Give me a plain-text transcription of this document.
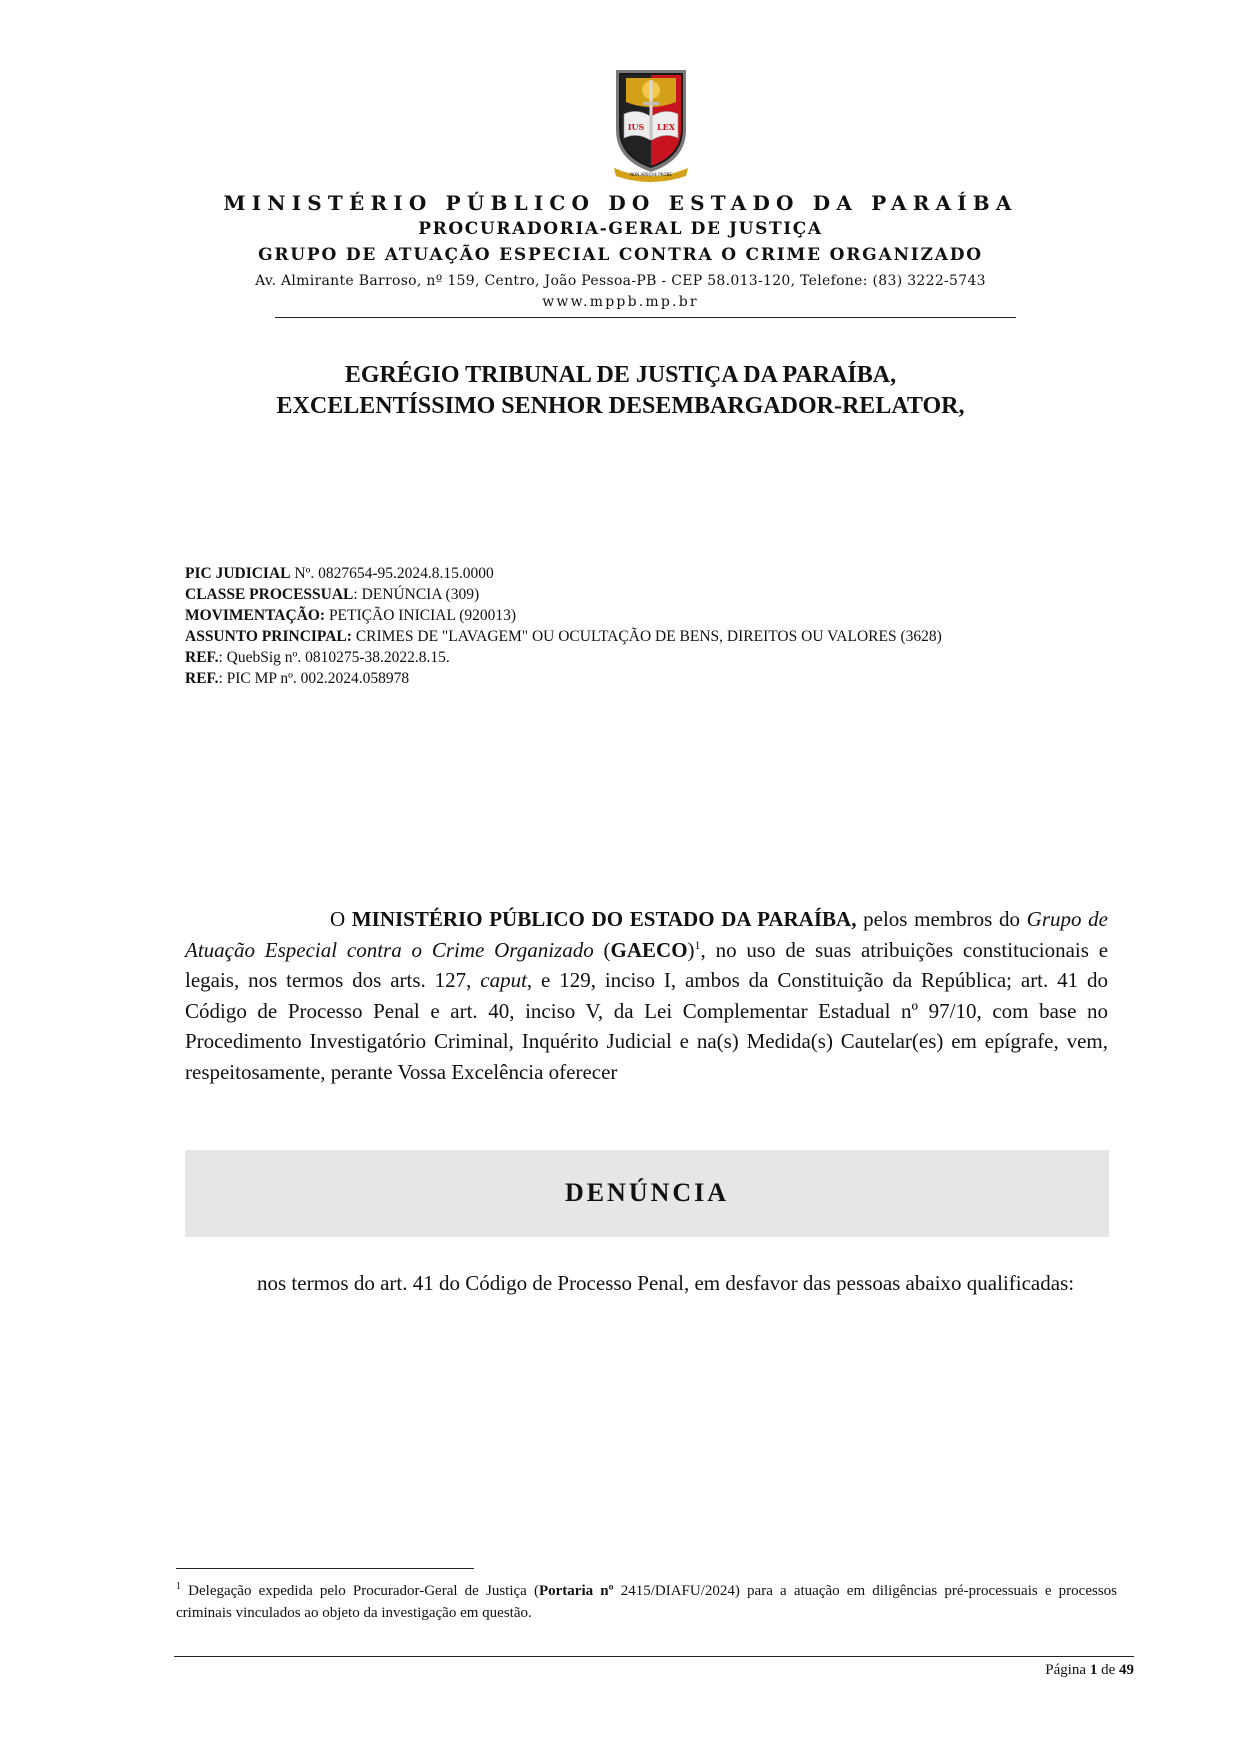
IUS LEX
NON ABSQUE PROBE
MINISTÉRIO PÚBLICO DO ESTADO DA PARAÍBA
PROCURADORIA-GERAL DE JUSTIÇA
GRUPO DE ATUAÇÃO ESPECIAL CONTRA O CRIME ORGANIZADO
Av. Almirante Barroso, nº 159, Centro, João Pessoa-PB - CEP 58.013-120, Telefone: (83) 3222-5743
www.mppb.mp.br
EGRÉGIO TRIBUNAL DE JUSTIÇA DA PARAÍBA,
EXCELENTÍSSIMO SENHOR DESEMBARGADOR-RELATOR,
PIC JUDICIAL Nº. 0827654-95.2024.8.15.0000
CLASSE PROCESSUAL: DENÚNCIA (309)
MOVIMENTAÇÃO: PETIÇÃO INICIAL (920013)
ASSUNTO PRINCIPAL: CRIMES DE "LAVAGEM" OU OCULTAÇÃO DE BENS, DIREITOS OU VALORES (3628)
REF.: QuebSig nº. 0810275-38.2022.8.15.
REF.: PIC MP nº. 002.2024.058978
O MINISTÉRIO PÚBLICO DO ESTADO DA PARAÍBA, pelos membros do Grupo de Atuação Especial contra o Crime Organizado (GAECO)$^1$, no uso de suas atribuições constitucionais e legais, nos termos dos arts. 127, caput, e 129, inciso I, ambos da Constituição da República; art. 41 do Código de Processo Penal e art. 40, inciso V, da Lei Complementar Estadual nº 97/10, com base no Procedimento Investigatório Criminal, Inquérito Judicial e na(s) Medida(s) Cautelar(es) em epígrafe, vem, respeitosamente, perante Vossa Excelência oferecer
DENÚNCIA
nos termos do art. 41 do Código de Processo Penal, em desfavor das pessoas abaixo qualificadas:
$^1$ Delegação expedida pelo Procurador-Geral de Justiça (Portaria nº 2415/DIAFU/2024) para a atuação em diligências pré-processuais e processos criminais vinculados ao objeto da investigação em questão.
Página 1 de 49
